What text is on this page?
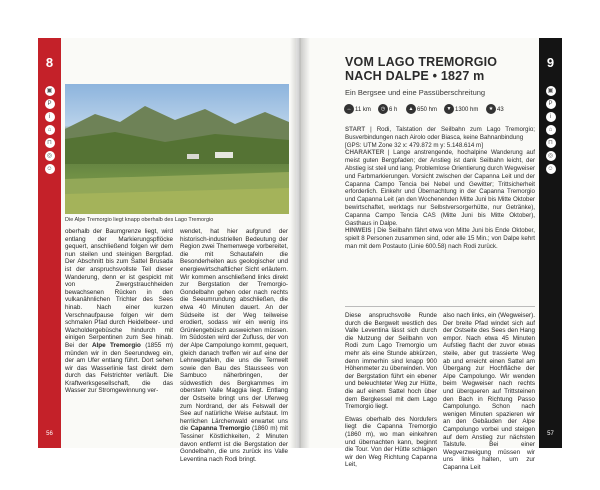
8
▣
P
i
⌂
⊓
◎
☺
56
Die Alpe Tremorgio liegt knapp oberhalb des Lago Tremorgio
oberhalb der Baumgrenze liegt, wird entlang der Markierungspflöcke gequert, anschließend folgen wir dem nun steilen und steinigen Bergpfad. Der Abschnitt bis zum Sattel Brusada ist der anspruchsvollste Teil dieser Wanderung, denn er ist gespickt mit von Zwergstrauchheiden bewachsenen Rücken in den vulkanähnlichen Trichter des Sees hinab. Nach einer kurzen Verschnaufpause folgen wir dem schmalen Pfad durch Heidelbeer- und Wacholdergebüsche hindurch mit einigen Serpentinen zum See hinab. Bei der Alpe Tremorgio (1855 m) münden wir in den Seerundweg ein, der am Ufer entlang führt. Dort sehen wir das Wasserlinie fast direkt dem durch das Felstrichter verläuft. Die Kraftwerksgesellschaft, die das Wasser zur Stromgewinnung ver-
wendet, hat hier aufgrund der historisch-industriellen Bedeutung der Region zwei Themenwege vorbereitet, die mit Schautafeln die Besonderheiten aus geologischer und energiewirtschaftlicher Sicht erläutern. Wir kommen anschließend links direkt zur Bergstation der Tremorgio-Gondelbahn gehen oder nach rechts die Seeumrundung abschließen, die etwa 40 Minuten dauert. An der Südseite ist der Weg teilweise erodiert, sodass wir ein wenig ins Grünlengebüsch ausweichen müssen. Im Südosten wird der Zufluss, der von der Alpe Campolungo kommt, gequert, gleich danach treffen wir auf eine der Lehrwegtafeln, die uns die Terrwelt sowie den Bau des Staussees von Sambuco näherbringen, der südwestlich des Bergkammes im oberstem Valle Maggia liegt. Entlang der Ostseite bringt uns der Uferweg zum Nordrand, der als Felswall der See auf natürliche Weise aufstaut. Im herrlichen Lärchenwald erwartet uns die Capanna Tremorgio (1860 m) mit Tessiner Köstlichkeiten, 2 Minuten davon entfernt ist die Bergstation der Gondelbahn, die uns zurück ins Valle Leventina nach Rodi bringt.
9
▣
P
i
⌂
⊓
◎
☺
57
VOM LAGO TREMORGIO
NACH DALPE • 1827 m
Ein Bergsee und eine Passüberschreitung
↔ 11 km	◷ 6 h	▲ 650 hm	▼ 1300 hm	★ 43
START | Rodi, Talstation der Seilbahn zum Lago Tremorgio; Busverbindungen nach Airolo oder Biasca, keine Bahnanbindung
[GPS: UTM Zone 32 x: 479.872 m y: 5.148.614 m]
CHARAKTER | Lange anstrengende, hochalpine Wanderung auf meist guten Bergpfaden; der Anstieg ist dank Seilbahn leicht, der Abstieg ist steil und lang. Problemlose Orientierung durch Wegweiser und Farbmarkierungen. Vorsicht zwischen der Capanna Leit und der Capanna Campo Tencia bei Nebel und Gewitter; Trittsicherheit erforderlich. Einkehr und Übernachtung in der Capanna Tremorgio und Capanna Leit (an den Wochenenden Mitte Juni bis Mitte Oktober bewirtschaftet, werktags nur Selbstversorgerhütte, nur Getränke), Capanna Campo Tencia CAS (Mitte Juni bis Mitte Oktober), Gasthaus in Dalpe.
HINWEIS | Die Seilbahn fährt etwa von Mitte Juni bis Ende Oktober, spielt 8 Personen zusammen sind, oder alle 15 Min.; von Dalpe kehrt man mit dem Postauto (Linie 600.58) nach Rodi zurück.

Diese anspruchsvolle Runde durch die Bergwelt westlich des Valle Leventina lässt sich durch die Nutzung der Seilbahn von Rodi zum Lago Tremorgio um mehr als eine Stunde abkürzen, denn immerhin sind knapp 900 Höhenmeter zu überwinden. Von der Bergstation führt ein ebener und beleuchteter Weg zur Hütte, die auf einem Sattel hoch über dem Bergkessel mit dem Lago Tremorgio liegt.

Etwas oberhalb des Nordufers liegt die Capanna Tremorgio (1860 m), wo man einkehren und übernachten kann, beginnt die Tour. Von der Hütte schlagen wir den Weg Richtung Capanna Leit,

also nach links, ein (Wegweiser). Der breite Pfad windet sich auf der Ostseite des Sees den Hang empor. Nach etwa 45 Minuten Aufstieg flacht der zuvor etwas steile, aber gut trassierte Weg ab und erreicht einen Sattel am Übergang zur Hochfläche der Alpe Campolungo. Wir wenden beim Wegweiser nach rechts und überqueren auf Trittsteinen den Bach in Richtung Passo Campolungo. Schon nach wenigen Minuten spazieren wir an den Gebäuden der Alpe Campolungo vorbei und steigen auf dem Anstieg zur nächsten Talstufe. Bei einer Wegverzweigung müssen wir uns links halten, um zur Capanna Leit
